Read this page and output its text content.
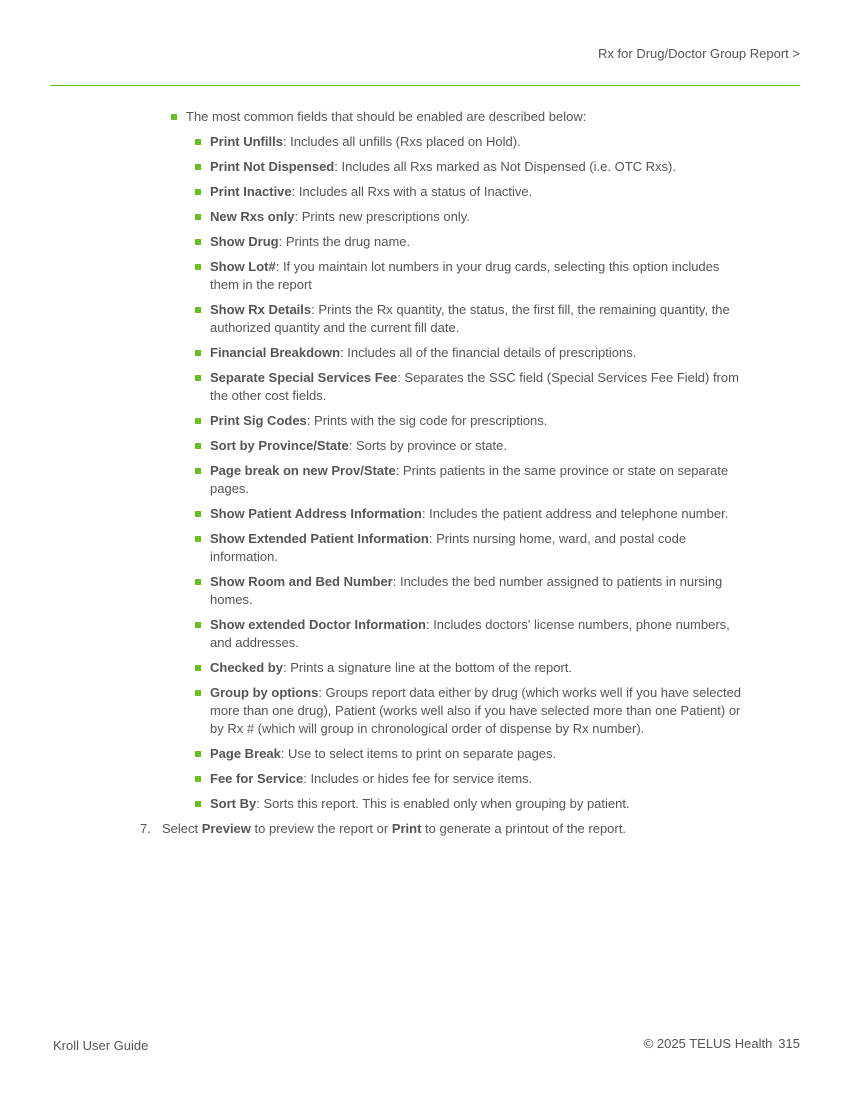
Rx for Drug/Doctor Group Report >
The most common fields that should be enabled are described below:
Print Unfills: Includes all unfills (Rxs placed on Hold).
Print Not Dispensed: Includes all Rxs marked as Not Dispensed (i.e. OTC Rxs).
Print Inactive: Includes all Rxs with a status of Inactive.
New Rxs only: Prints new prescriptions only.
Show Drug: Prints the drug name.
Show Lot#: If you maintain lot numbers in your drug cards, selecting this option includes them in the report
Show Rx Details: Prints the Rx quantity, the status, the first fill, the remaining quantity, the authorized quantity and the current fill date.
Financial Breakdown: Includes all of the financial details of prescriptions.
Separate Special Services Fee: Separates the SSC field (Special Services Fee Field) from the other cost fields.
Print Sig Codes: Prints with the sig code for prescriptions.
Sort by Province/State: Sorts by province or state.
Page break on new Prov/State: Prints patients in the same province or state on separate pages.
Show Patient Address Information: Includes the patient address and telephone number.
Show Extended Patient Information: Prints nursing home, ward, and postal code information.
Show Room and Bed Number: Includes the bed number assigned to patients in nursing homes.
Show extended Doctor Information: Includes doctors' license numbers, phone numbers, and addresses.
Checked by: Prints a signature line at the bottom of the report.
Group by options: Groups report data either by drug (which works well if you have selected more than one drug), Patient (works well also if you have selected more than one Patient) or by Rx # (which will group in chronological order of dispense by Rx number).
Page Break: Use to select items to print on separate pages.
Fee for Service: Includes or hides fee for service items.
Sort By: Sorts this report. This is enabled only when grouping by patient.
7. Select Preview to preview the report or Print to generate a printout of the report.
Kroll User Guide	© 2025 TELUS Health 315
